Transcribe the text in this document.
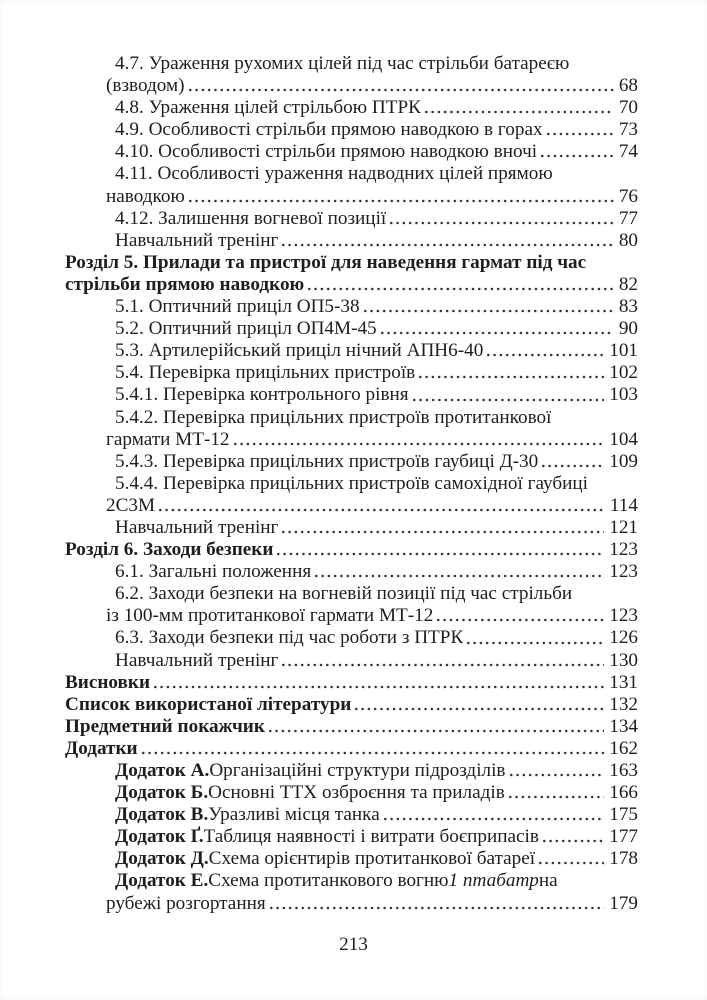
4.7. Ураження рухомих цілей під час стрільби батареєю
(взводом)	68
4.8. Ураження цілей стрільбою ПТРК	70
4.9. Особливості стрільби прямою наводкою в горах	73
4.10. Особливості стрільби прямою наводкою вночі	74
4.11. Особливості ураження надводних цілей прямою
наводкою	76
4.12. Залишення вогневої позиції	77
Навчальний тренінг	80
Розділ 5. Прилади та пристрої для наведення гармат під час
стрільби прямою наводкою	82
5.1. Оптичний приціл ОП5-38	83
5.2. Оптичний приціл ОП4М-45	90
5.3. Артилерійський приціл нічний АПН6-40	101
5.4. Перевірка прицільних пристроїв	102
5.4.1. Перевірка контрольного рівня	103
5.4.2. Перевірка прицільних пристроїв протитанкової
гармати МТ-12	104
5.4.3. Перевірка прицільних пристроїв гаубиці Д-30	109
5.4.4. Перевірка прицільних пристроїв самохідної гаубиці
2С3М	114
Навчальний тренінг	121
Розділ 6. Заходи безпеки	123
6.1. Загальні положення	123
6.2. Заходи безпеки на вогневій позиції під час стрільби
із 100-мм протитанкової гармати МТ-12	123
6.3. Заходи безпеки під час роботи з ПТРК	126
Навчальний тренінг	130
Висновки	131
Список використаної літератури	132
Предметний покажчик	134
Додатки	162
Додаток А. Організаційні структури підрозділів	163
Додаток Б. Основні ТТХ озброєння та приладів	166
Додаток В. Уразливі місця танка	175
Додаток Ґ. Таблиця наявності і витрати боєприпасів	177
Додаток Д. Схема орієнтирів протитанкової батареї	178
Додаток Е. Схема протитанкового вогню 1 птабатр на
рубежі розгортання	179
213
